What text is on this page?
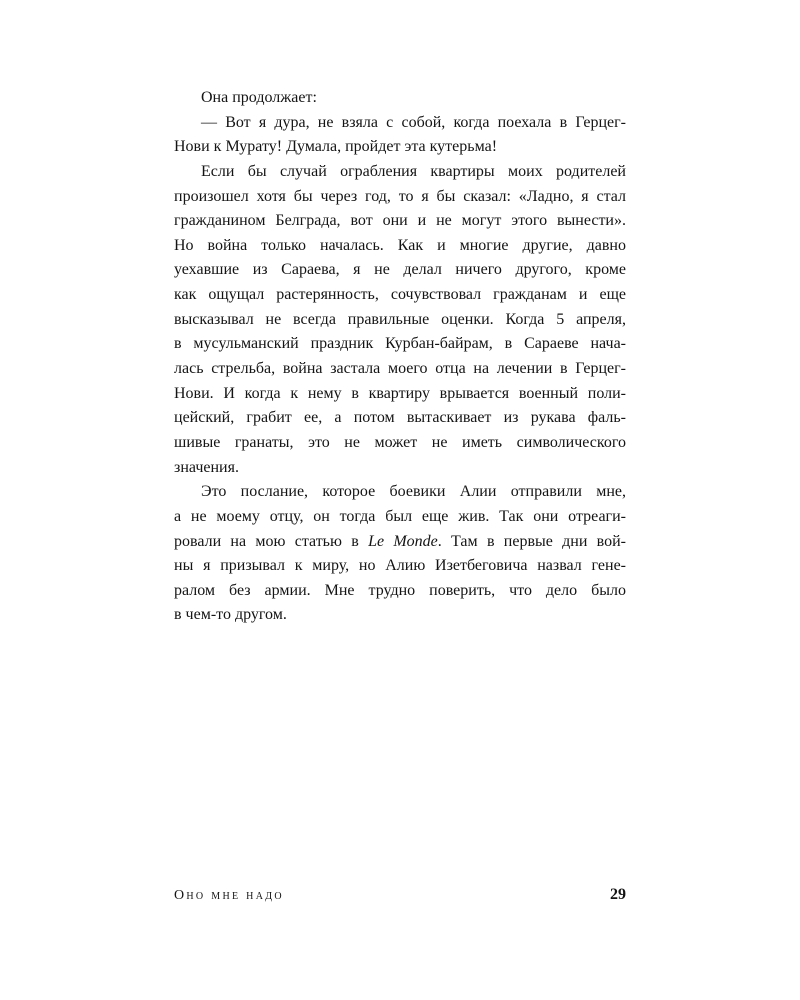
Она продолжает:
— Вот я дура, не взяла с собой, когда поехала в Герцег-
Нови к Мурату! Думала, пройдет эта кутерьма!
Если бы случай ограбления квартиры моих родителей
произошел хотя бы через год, то я бы сказал: «Ладно, я стал
гражданином Белграда, вот они и не могут этого вынести».
Но война только началась. Как и многие другие, давно
уехавшие из Сараева, я не делал ничего другого, кроме
как ощущал растерянность, сочувствовал гражданам и еще
высказывал не всегда правильные оценки. Когда 5 апреля,
в мусульманский праздник Курбан-байрам, в Сараеве нача-
лась стрельба, война застала моего отца на лечении в Герцег-
Нови. И когда к нему в квартиру врывается военный поли-
цейский, грабит ее, а потом вытаскивает из рукава фаль-
шивые гранаты, это не может не иметь символического
значения.
Это послание, которое боевики Алии отправили мне,
а не моему отцу, он тогда был еще жив. Так они отреаги-
ровали на мою статью в Le Monde. Там в первые дни вой-
ны я призывал к миру, но Алию Изетбеговича назвал гене-
ралом без армии. Мне трудно поверить, что дело было
в чем-то другом.
Оно мне надо	29
